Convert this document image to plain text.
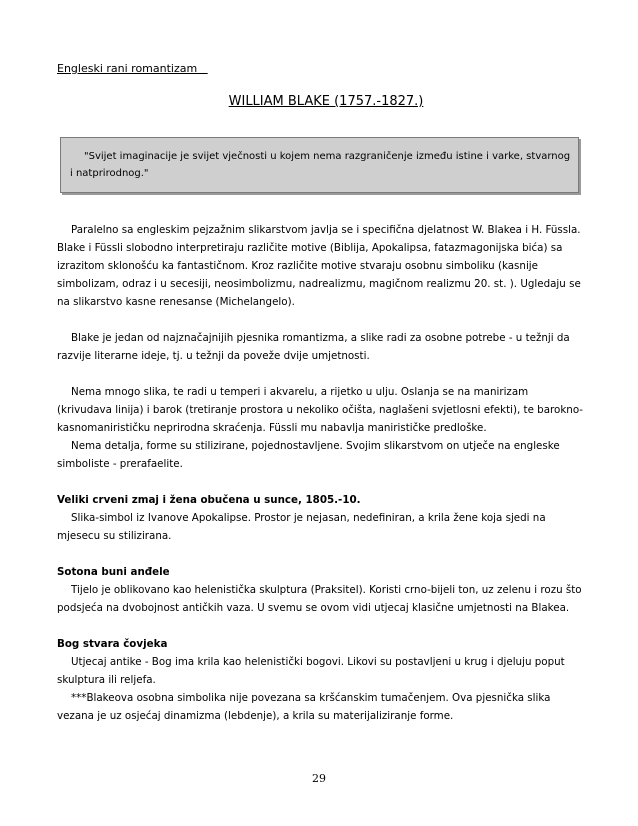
Engleski rani romantizam
WILLIAM BLAKE (1757.-1827.)

"Svijet imaginacije je svijet vječnosti u kojem nema razgraničenje između istine i varke, stvarnog i natprirodnog."

Paralelno sa engleskim pejzažnim slikarstvom javlja se i specifična djelatnost W. Blakea i H. Füssla. Blake i Füssli slobodno interpretiraju različite motive (Biblija, Apokalipsa, fatazmagonijska bića) sa izrazitom sklonošću ka fantastičnom. Kroz različite motive stvaraju osobnu simboliku (kasnije simbolizam, odraz i u secesiji, neosimbolizmu, nadrealizmu, magičnom realizmu 20. st. ). Ugledaju se na slikarstvo kasne renesanse (Michelangelo).

Blake je jedan od najznačajnijih pjesnika romantizma, a slike radi za osobne potrebe - u težnji da razvije literarne ideje, tj. u težnji da poveže dvije umjetnosti.

Nema mnogo slika, te radi u temperi i akvarelu, a rijetko u ulju. Oslanja se na manirizam (krivudava linija) i barok (tretiranje prostora u nekoliko očišta, naglašeni svjetlosni efekti), te barokno-kasnomanirističku neprirodna skraćenja. Füssli mu nabavlja manirističke predloške.

Nema detalja, forme su stilizirane, pojednostavljene. Svojim slikarstvom on utječe na engleske simboliste - prerafaelite.

Veliki crveni zmaj i žena obučena u sunce, 1805.-10.

Slika-simbol iz Ivanove Apokalipse. Prostor je nejasan, nedefiniran, a krila žene koja sjedi na mjesecu su stilizirana.

Sotona buni anđele

Tijelo je oblikovano kao helenistička skulptura (Praksitel). Koristi crno-bijeli ton, uz zelenu i rozu što podsjeća na dvobojnost antičkih vaza. U svemu se ovom vidi utjecaj klasične umjetnosti na Blakea.

Bog stvara čovjeka

Utjecaj antike - Bog ima krila kao helenistički bogovi. Likovi su postavljeni u krug i djeluju poput skulptura ili reljefa.

***Blakeova osobna simbolika nije povezana sa kršćanskim tumačenjem. Ova pjesnička slika vezana je uz osjećaj dinamizma (lebdenje), a krila su materijaliziranje forme.

29
